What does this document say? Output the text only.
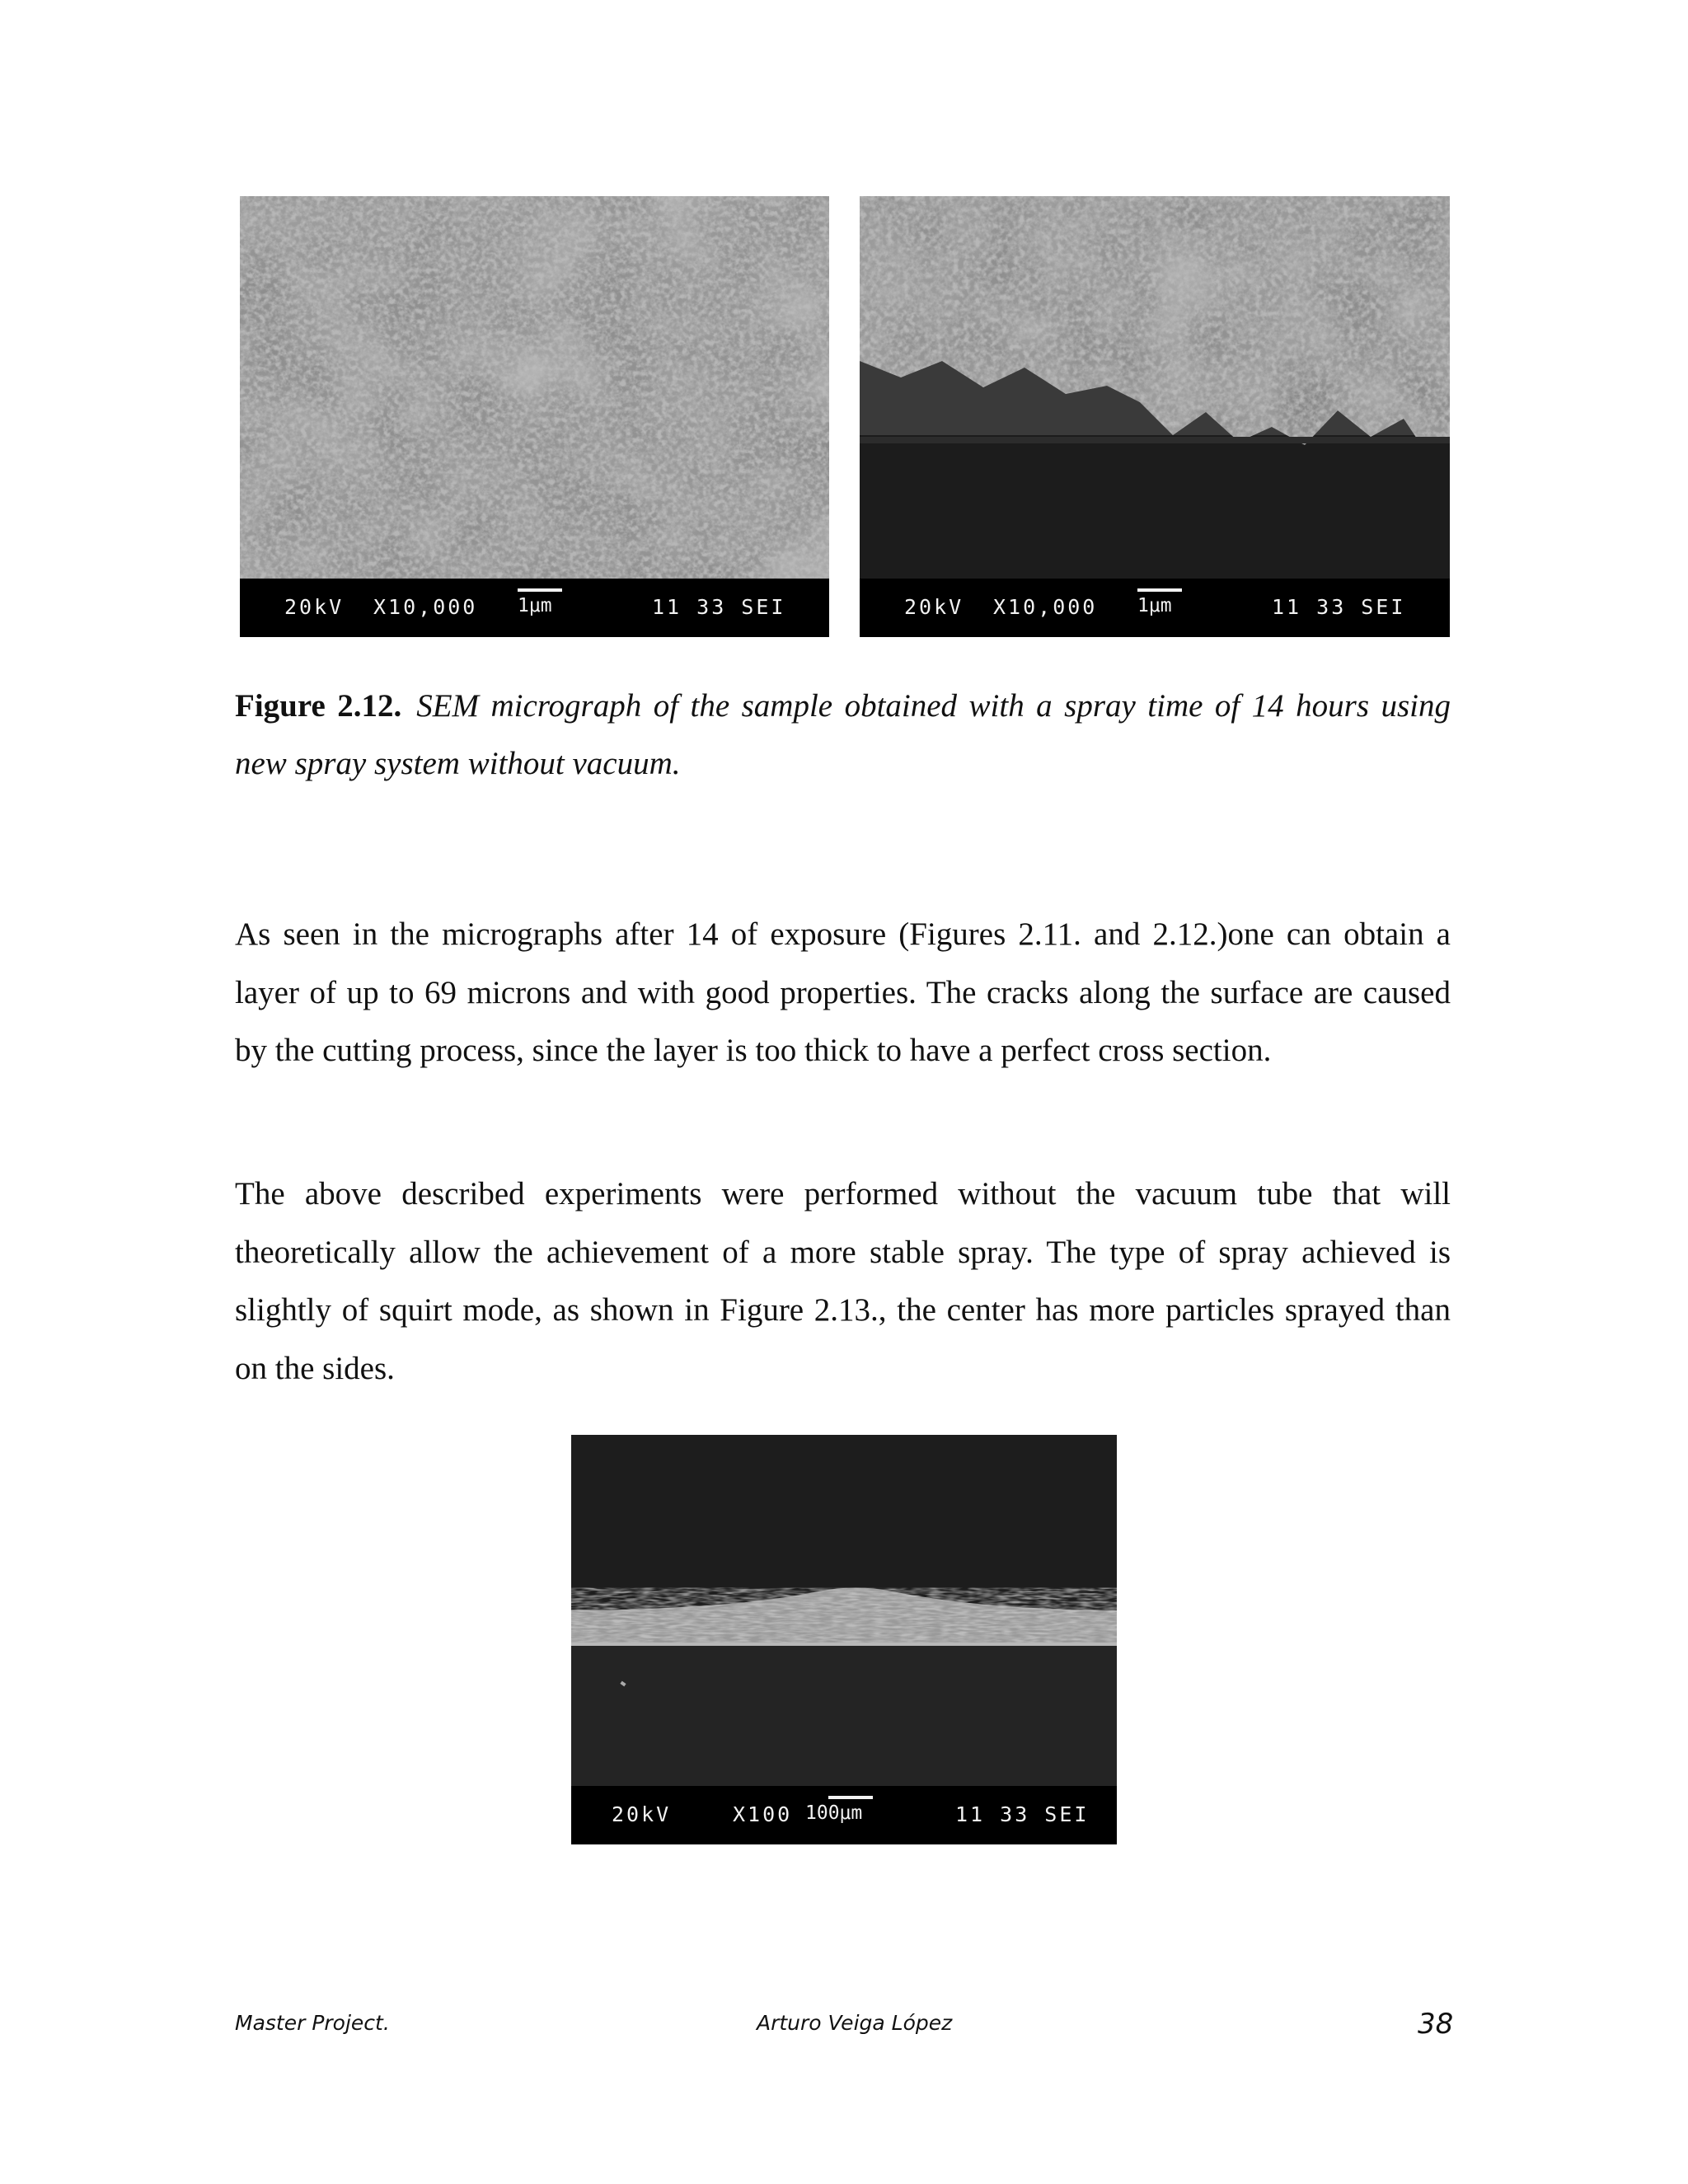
20kV X10,000 1μm	11 33 SEI	20kV X10,000 1μm	11 33 SEI
Figure 2.12. SEM micrograph of the sample obtained with a spray time of 14 hours using new spray system without vacuum.

As seen in the micrographs after 14 of exposure (Figures 2.11. and 2.12.)one can obtain a layer of up to 69 microns and with good properties. The cracks along the surface are caused by the cutting process, since the layer is too thick to have a perfect cross section.

The above described experiments were performed without the vacuum tube that will theoretically allow the achievement of a more stable spray. The type of spray achieved is slightly of squirt mode, as shown in Figure 2.13., the center has more particles sprayed than on the sides.

20kV	X100 100μm	11 33 SEI
Master Project.	Arturo Veiga López	38
